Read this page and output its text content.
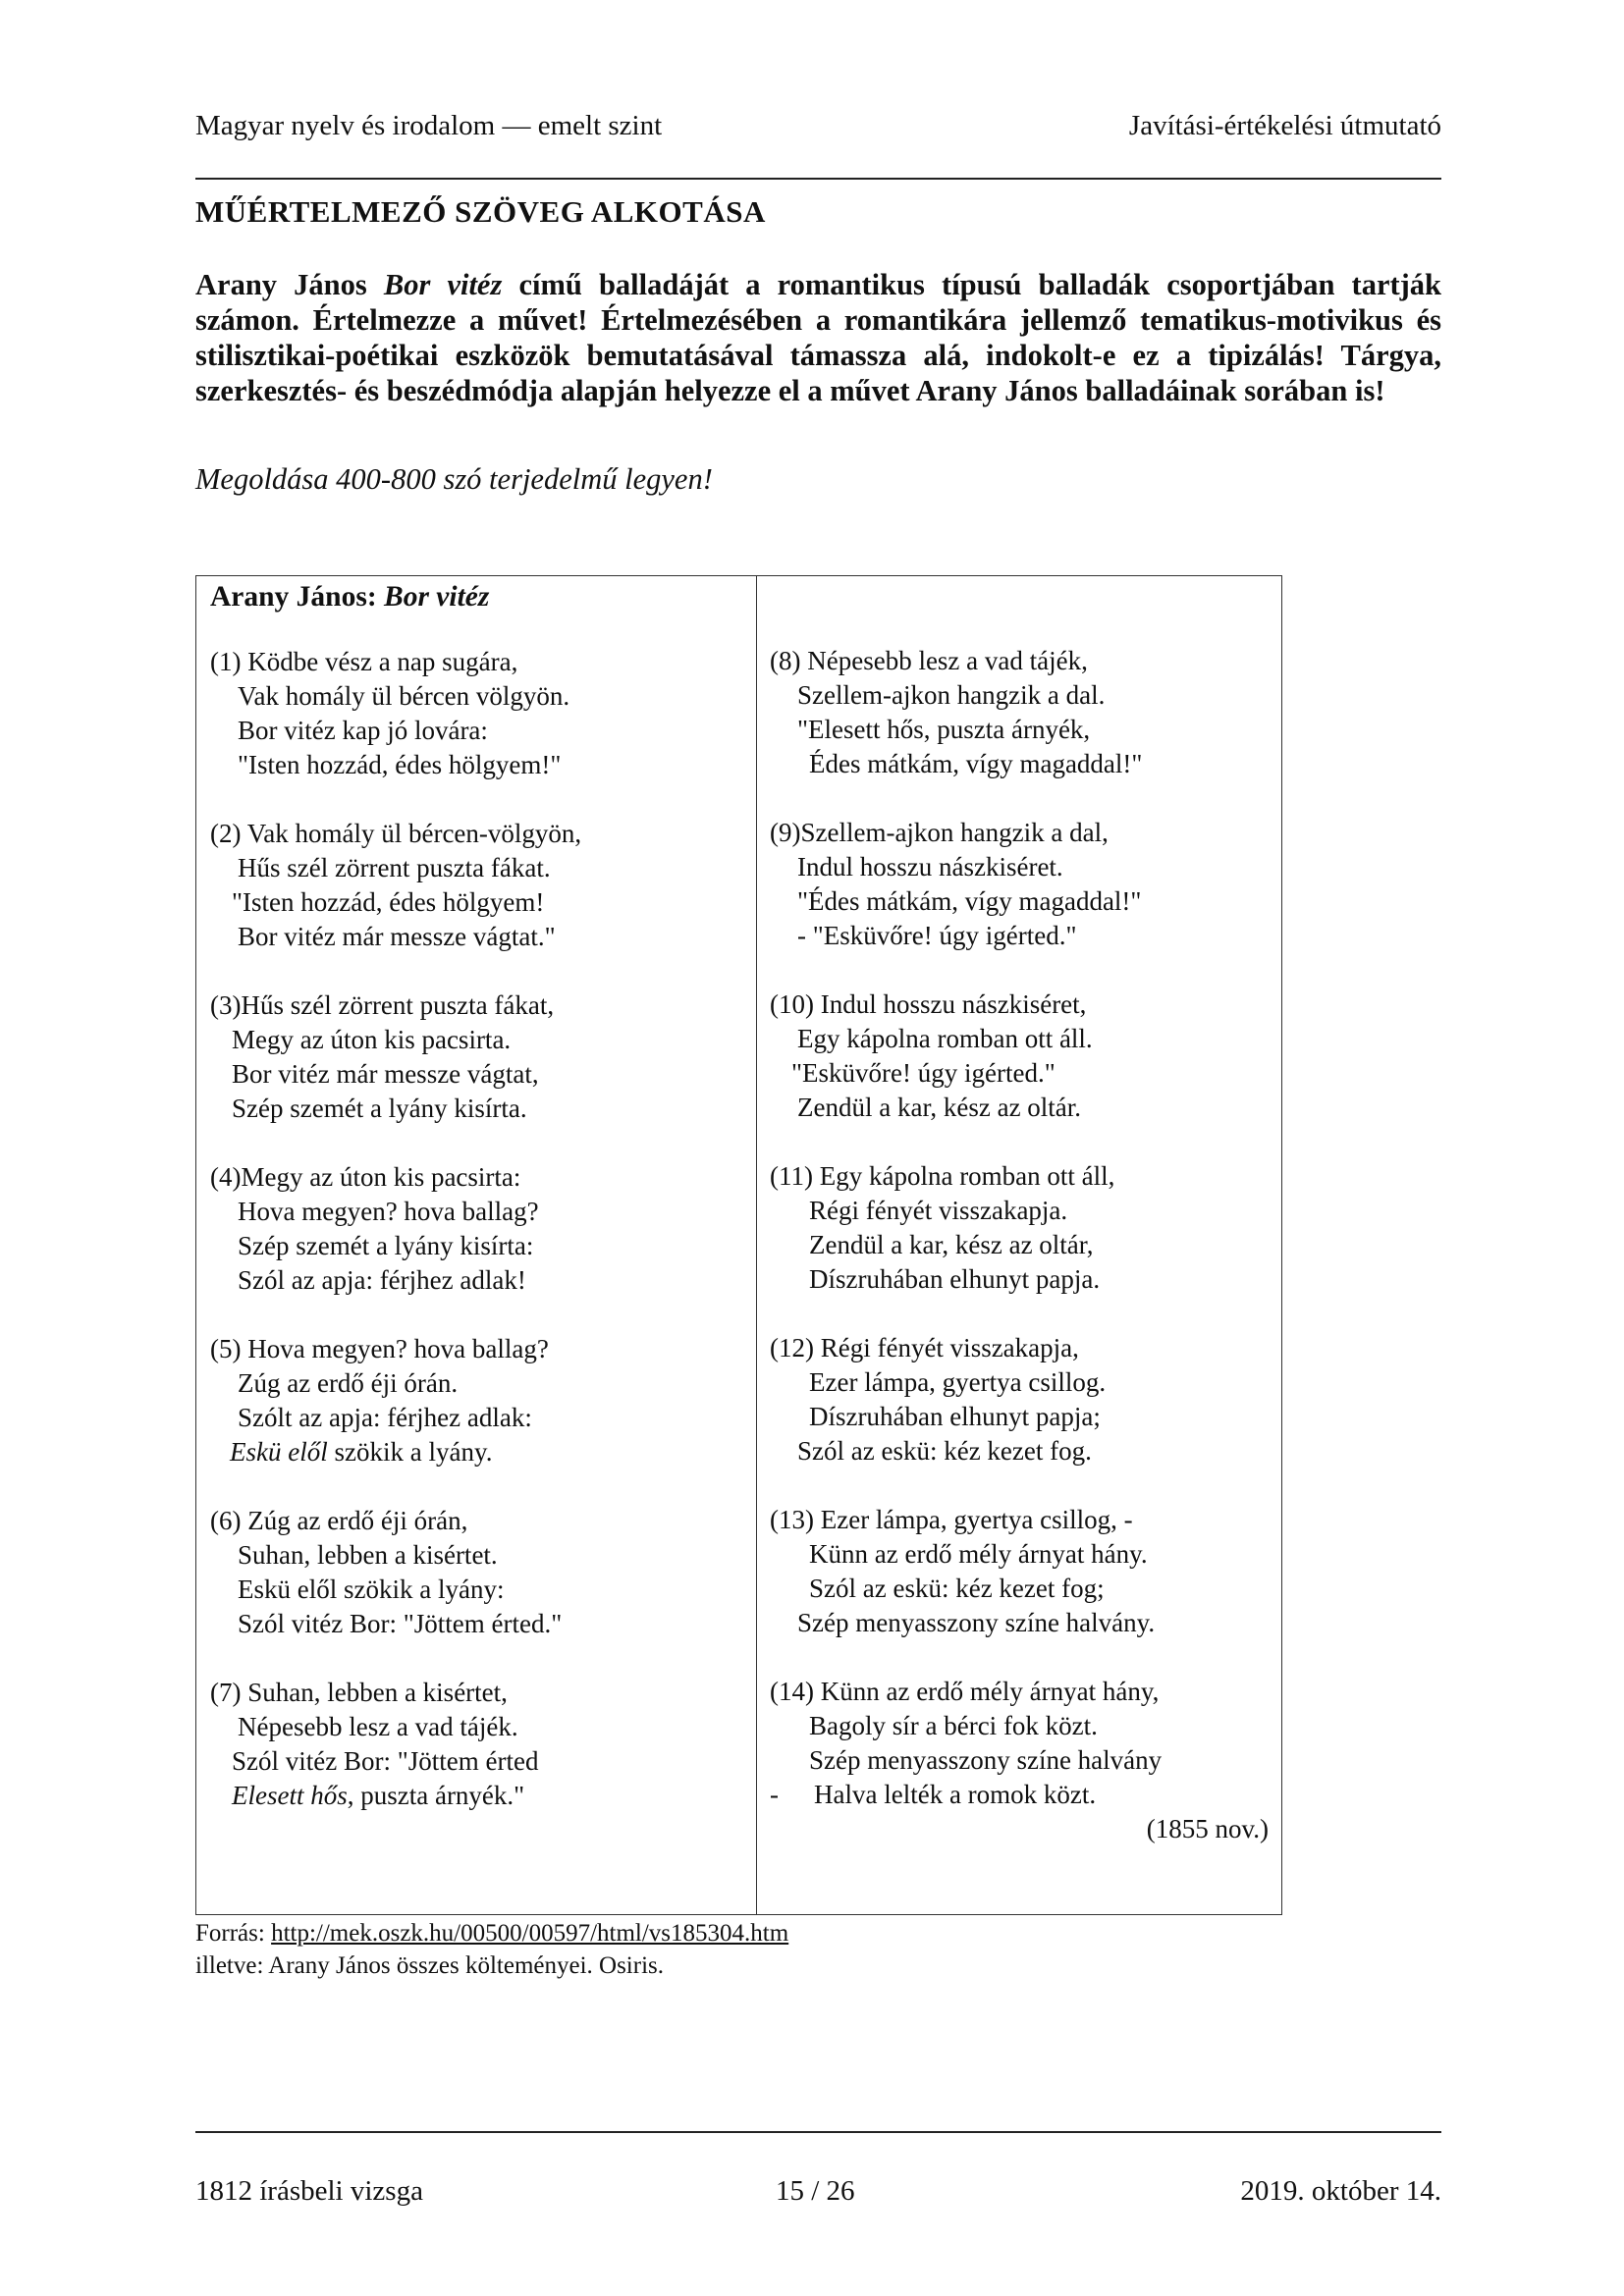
Magyar nyelv és irodalom — emelt szint	Javítási-értékelési útmutató
MŰÉRTELMEZŐ SZÖVEG ALKOTÁSA
Arany János Bor vitéz című balladáját a romantikus típusú balladák csoportjában tartják számon. Értelmezze a művet! Értelmezésében a romantikára jellemző tematikus-motivikus és stilisztikai-poétikai eszközök bemutatásával támassza alá, indokolt-e ez a tipizálás! Tárgya, szerkesztés- és beszédmódja alapján helyezze el a művet Arany János balladáinak sorában is!
Megoldása 400-800 szó terjedelmű legyen!
Arany János: Bor vitéz
(1) Ködbe vész a nap sugára,
Vak homály ül bércen völgyön.
Bor vitéz kap jó lovára:
"Isten hozzád, édes hölgyem!"
(2) Vak homály ül bércen-völgyön,
Hűs szél zörrent puszta fákat.
"Isten hozzád, édes hölgyem!
Bor vitéz már messze vágtat."
(3)Hűs szél zörrent puszta fákat,
Megy az úton kis pacsirta.
Bor vitéz már messze vágtat,
Szép szemét a lyány kisírta.
(4)Megy az úton kis pacsirta:
Hova megyen? hova ballag?
Szép szemét a lyány kisírta:
Szól az apja: férjhez adlak!
(5) Hova megyen? hova ballag?
Zúg az erdő éji órán.
Szólt az apja: férjhez adlak:
Eskü elől szökik a lyány.
(6) Zúg az erdő éji órán,
Suhan, lebben a kisértet.
Eskü elől szökik a lyány:
Szól vitéz Bor: "Jöttem érted."
(7) Suhan, lebben a kisértet,
Népesebb lesz a vad tájék.
Szól vitéz Bor: "Jöttem érted
Elesett hős, puszta árnyék."
(8) Népesebb lesz a vad tájék,
Szellem-ajkon hangzik a dal.
"Elesett hős, puszta árnyék,
Édes mátkám, vígy magaddal!"
(9)Szellem-ajkon hangzik a dal,
Indul hosszu nászkiséret.
"Édes mátkám, vígy magaddal!"
- "Esküvőre! úgy igérted."
(10) Indul hosszu nászkiséret,
Egy kápolna romban ott áll.
"Esküvőre! úgy igérted."
Zendül a kar, kész az oltár.
(11) Egy kápolna romban ott áll,
Régi fényét visszakapja.
Zendül a kar, kész az oltár,
Díszruhában elhunyt papja.
(12) Régi fényét visszakapja,
Ezer lámpa, gyertya csillog.
Díszruhában elhunyt papja;
Szól az eskü: kéz kezet fog.
(13) Ezer lámpa, gyertya csillog, -
Künn az erdő mély árnyat hány.
Szól az eskü: kéz kezet fog;
Szép menyasszony színe halvány.
(14) Künn az erdő mély árnyat hány,
Bagoly sír a bérci fok közt.
Szép menyasszony színe halvány
- Halva lelték a romok közt.
(1855 nov.)
Forrás: http://mek.oszk.hu/00500/00597/html/vs185304.htm
illetve: Arany János összes költeményei. Osiris.
1812 írásbeli vizsga	15 / 26	2019. október 14.
